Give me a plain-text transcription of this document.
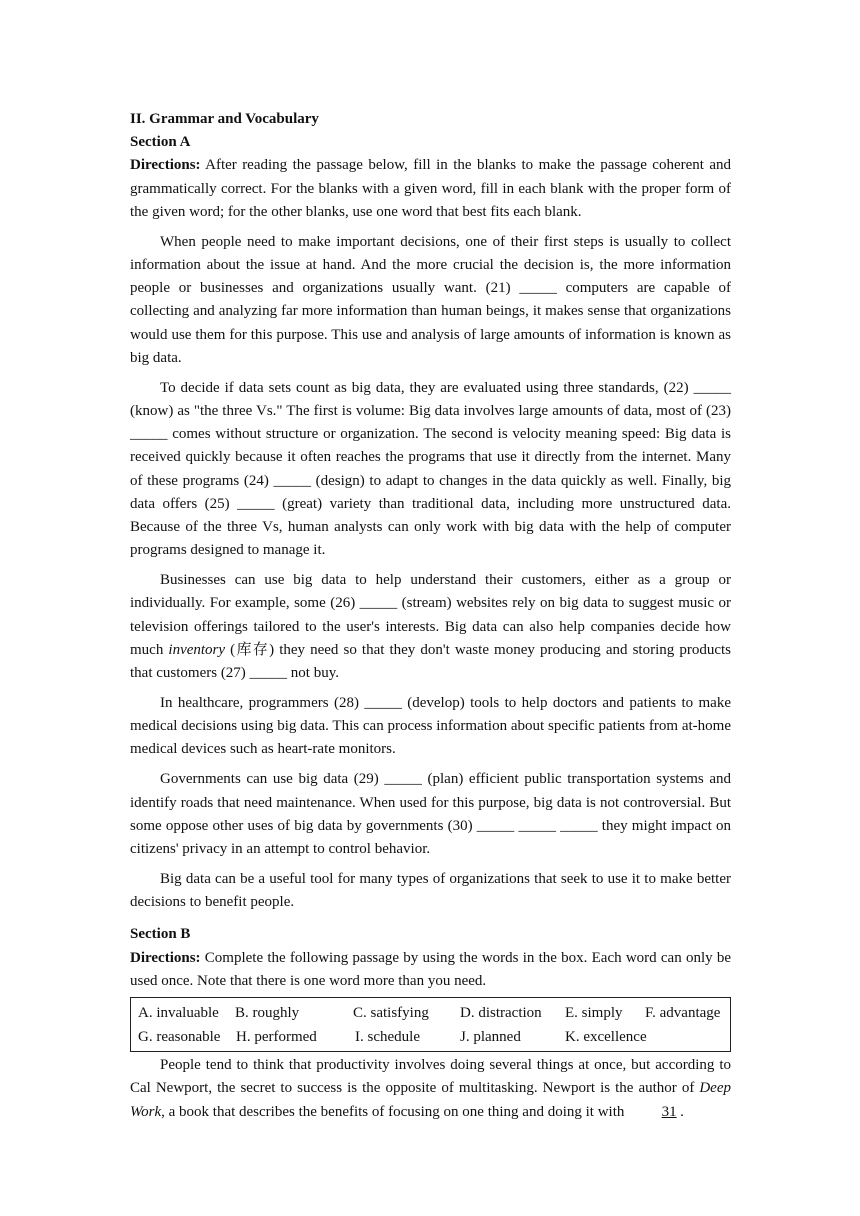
II. Grammar and Vocabulary
Section A

Directions: After reading the passage below, fill in the blanks to make the passage coherent and grammatically correct. For the blanks with a given word, fill in each blank with the proper form of the given word; for the other blanks, use one word that best fits each blank.

When people need to make important decisions, one of their first steps is usually to collect information about the issue at hand. And the more crucial the decision is, the more information people or businesses and organizations usually want. (21) _____ computers are capable of collecting and analyzing far more information than human beings, it makes sense that organizations would use them for this purpose. This use and analysis of large amounts of information is known as big data.

To decide if data sets count as big data, they are evaluated using three standards, (22) _____ (know) as "the three Vs." The first is volume: Big data involves large amounts of data, most of (23) _____ comes without structure or organization. The second is velocity meaning speed: Big data is received quickly because it often reaches the programs that use it directly from the internet. Many of these programs (24) _____ (design) to adapt to changes in the data quickly as well. Finally, big data offers (25) _____ (great) variety than traditional data, including more unstructured data. Because of the three Vs, human analysts can only work with big data with the help of computer programs designed to manage it.

Businesses can use big data to help understand their customers, either as a group or individually. For example, some (26) _____ (stream) websites rely on big data to suggest music or television offerings tailored to the user's interests. Big data can also help companies decide how much inventory (库存) they need so that they don't waste money producing and storing products that customers (27) _____ not buy.

In healthcare, programmers (28) _____ (develop) tools to help doctors and patients to make medical decisions using big data. This can process information about specific patients from at-home medical devices such as heart-rate monitors.

Governments can use big data (29) _____ (plan) efficient public transportation systems and identify roads that need maintenance. When used for this purpose, big data is not controversial. But some oppose other uses of big data by governments (30) _____ _____ _____ they might impact on citizens' privacy in an attempt to control behavior.

Big data can be a useful tool for many types of organizations that seek to use it to make better decisions to benefit people.

Section B

Directions: Complete the following passage by using the words in the box. Each word can only be used once. Note that there is one word more than you need.

A. invaluable B. roughly	C. satisfying D. distraction E. simply F. advantage
G. reasonable H. performed	I. schedule	J. planned	K. excellence

People tend to think that productivity involves doing several things at once, but according to Cal Newport, the secret to success is the opposite of multitasking. Newport is the author of Deep Work, a book that describes the benefits of focusing on one thing and doing it with 31 .
